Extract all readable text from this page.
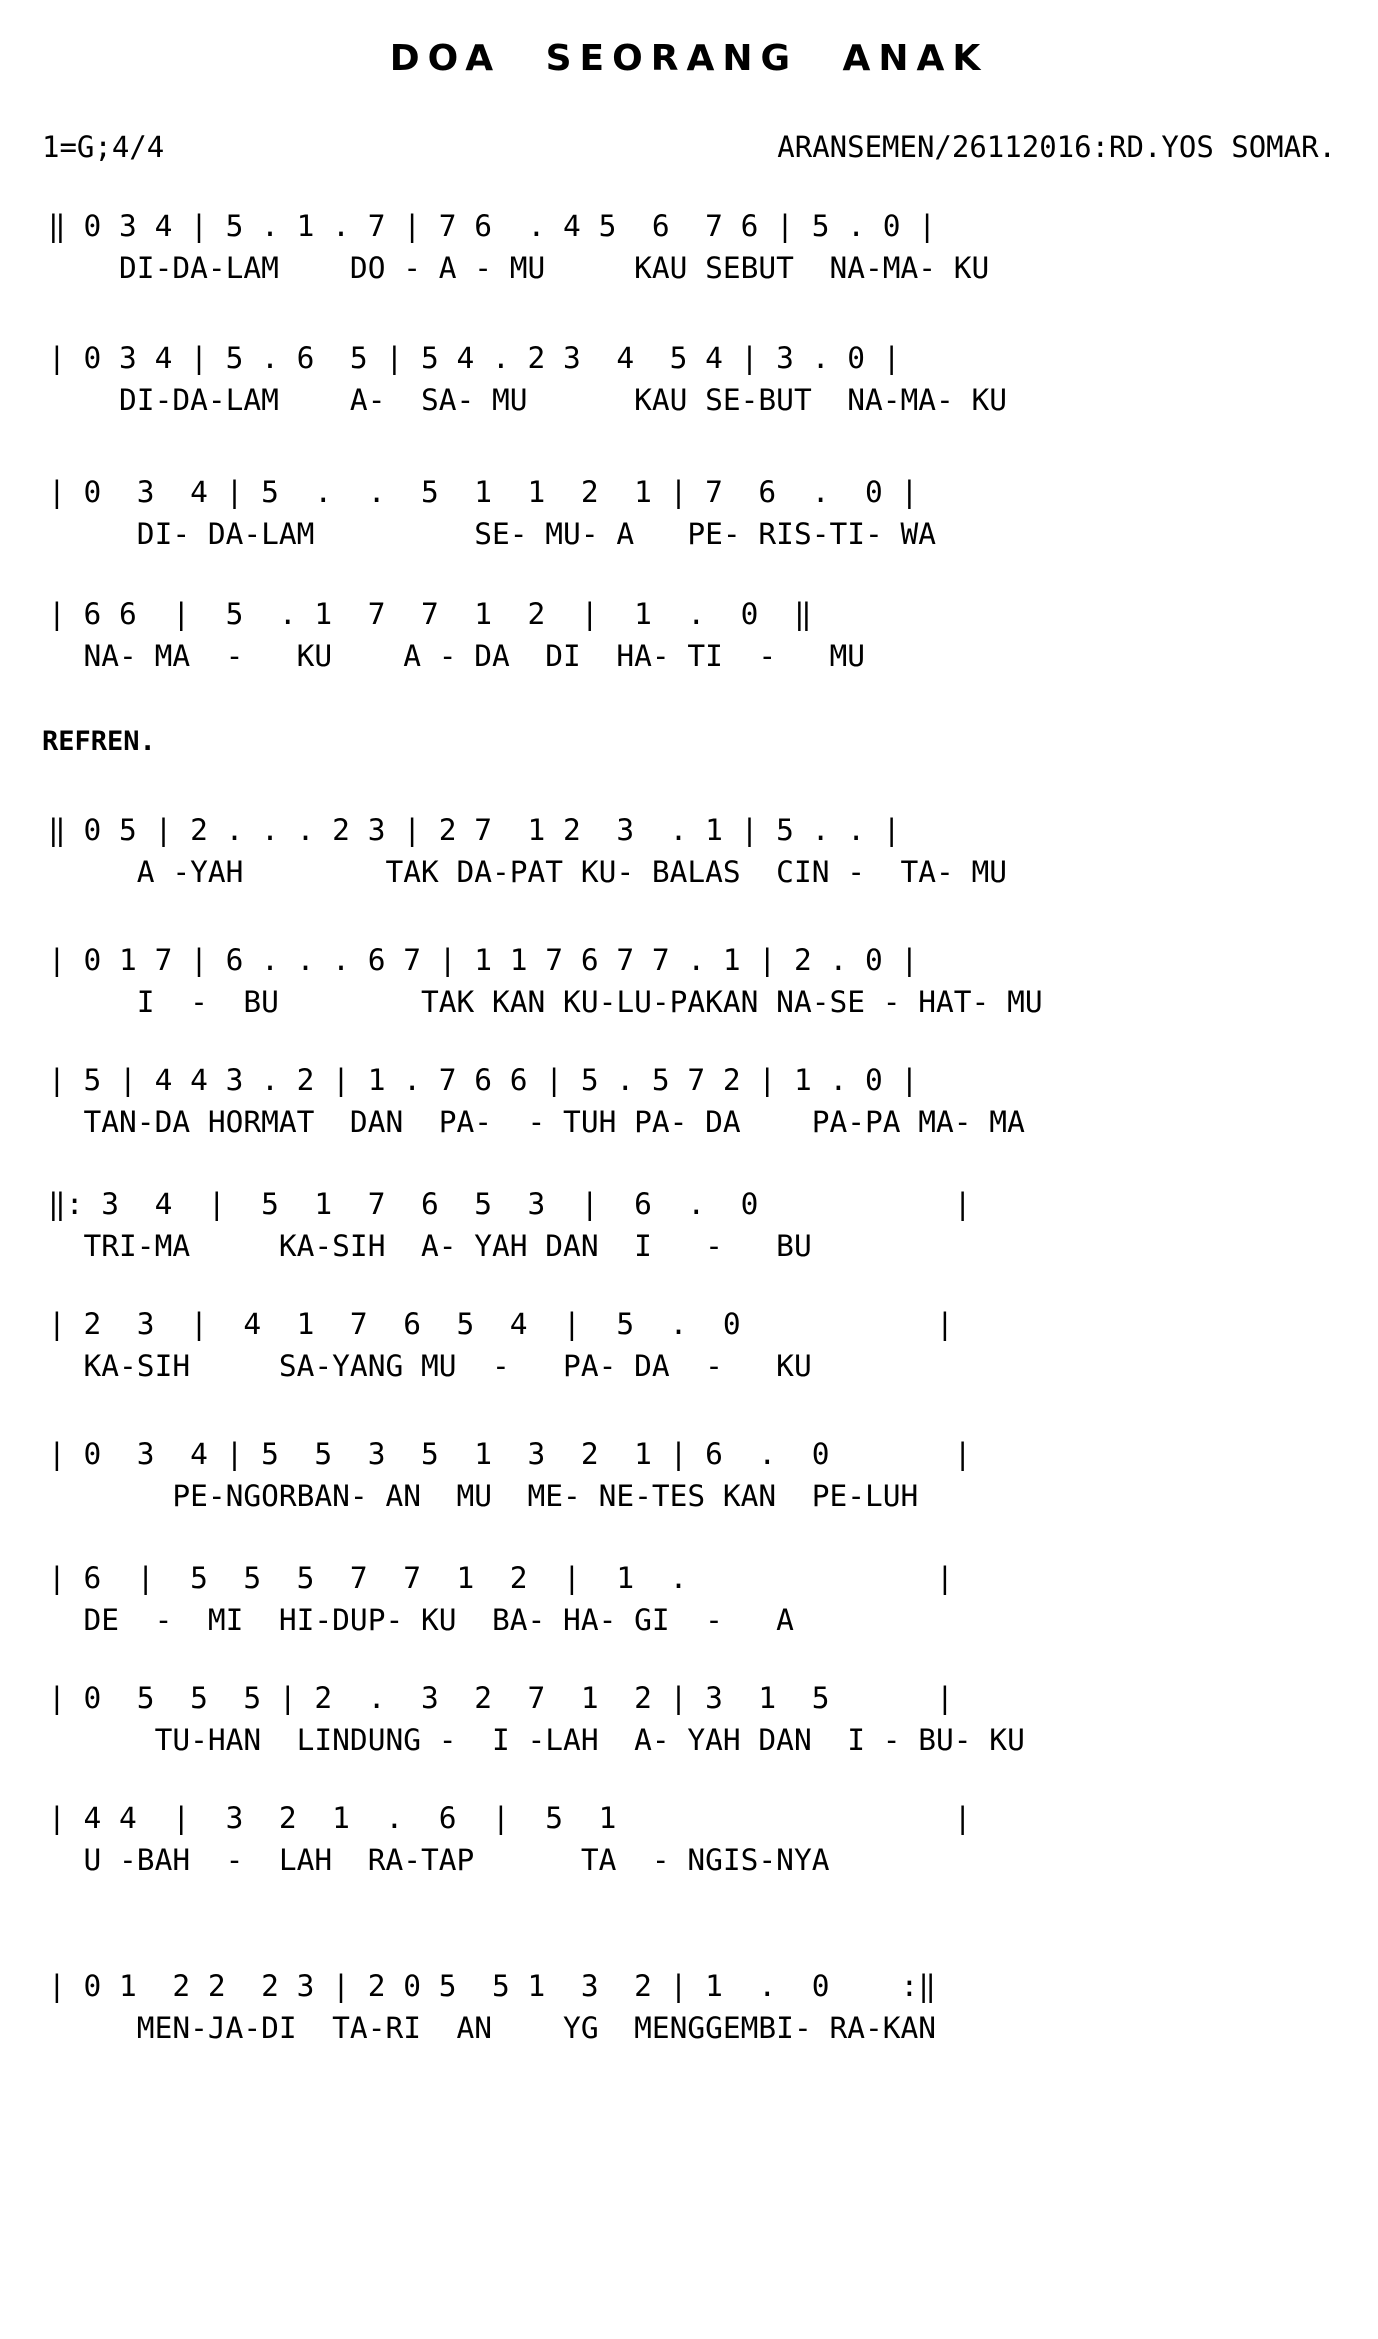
DOA SEORANG ANAK
1=G;4/4	ARANSEMEN/26112016:RD.YOS SOMAR.
‖ 0 3 4 | 5 . 1 . 7 | 7 6  . 4 5  6  7 6 | 5 . 0 |
DI-DA-LAM    DO - A - MU     KAU SEBUT  NA-MA- KU
| 0 3 4 | 5 . 6  5 | 5 4 . 2 3  4  5 4 | 3 . 0 |
DI-DA-LAM    A-  SA- MU      KAU SE-BUT  NA-MA- KU
| 0  3  4 | 5  .  .  5  1  1  2  1 | 7  6  .  0 |
DI- DA-LAM         SE- MU- A   PE- RIS-TI- WA
| 6 6  |  5  . 1  7  7  1  2  |  1  .  0  ‖
NA- MA  -   KU    A - DA  DI  HA- TI  -   MU
REFREN.
‖ 0 5 | 2 . . . 2 3 | 2 7  1 2  3  . 1 | 5 . . |
A -YAH        TAK DA-PAT KU- BALAS  CIN -  TA- MU
| 0 1 7 | 6 . . . 6 7 | 1 1 7 6 7 7 . 1 | 2 . 0 |
I  -  BU        TAK KAN KU-LU-PAKAN NA-SE - HAT- MU
| 5 | 4 4 3 . 2 | 1 . 7 6 6 | 5 . 5 7 2 | 1 . 0 |
TAN-DA HORMAT  DAN  PA-  - TUH PA- DA    PA-PA MA- MA
‖: 3  4  |  5  1  7  6  5  3  |  6  .  0           |
TRI-MA     KA-SIH  A- YAH DAN  I   -   BU
| 2  3  |  4  1  7  6  5  4  |  5  .  0           |
KA-SIH     SA-YANG MU  -   PA- DA  -   KU
| 0  3  4 | 5  5  3  5  1  3  2  1 | 6  .  0       |
PE-NGORBAN- AN  MU  ME- NE-TES KAN  PE-LUH
| 6  |  5  5  5  7  7  1  2  |  1  .              |
DE  -  MI  HI-DUP- KU  BA- HA- GI  -   A
| 0  5  5  5 | 2  .  3  2  7  1  2 | 3  1  5      |
TU-HAN  LINDUNG -  I -LAH  A- YAH DAN  I - BU- KU
| 4 4  |  3  2  1  .  6  |  5  1                   |
U -BAH  -  LAH  RA-TAP      TA  - NGIS-NYA
| 0 1  2 2  2 3 | 2 0 5  5 1  3  2 | 1  .  0    :‖
MEN-JA-DI  TA-RI  AN    YG  MENGGEMBI- RA-KAN
